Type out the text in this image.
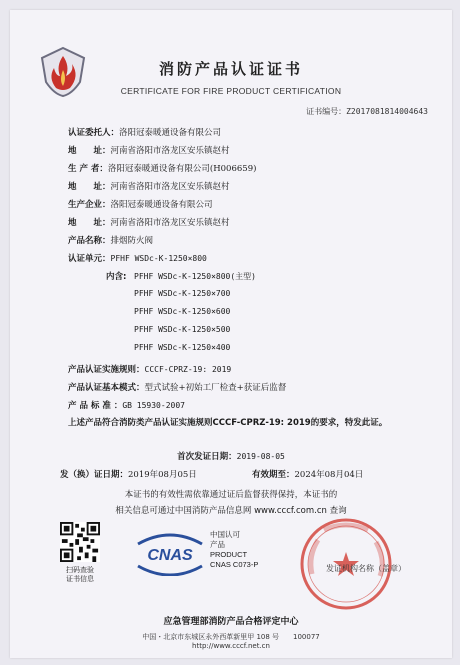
消防产品认证证书
CERTIFICATE FOR FIRE PRODUCT CERTIFICATION
证书编号：Z2017081814004643
认证委托人：洛阳冠泰暖通设备有限公司
地　　址：河南省洛阳市洛龙区安乐镇赵村
生 产 者：洛阳冠泰暖通设备有限公司(H006659)
地　　址：河南省洛阳市洛龙区安乐镇赵村
生产企业：洛阳冠泰暖通设备有限公司
地　　址：河南省洛阳市洛龙区安乐镇赵村
产品名称：排烟防火阀
认证单元：PFHF WSDc-K-1250×800
内含: PFHF WSDc-K-1250×800(主型)
PFHF WSDc-K-1250×700
PFHF WSDc-K-1250×600
PFHF WSDc-K-1250×500
PFHF WSDc-K-1250×400
产品认证实施规则：CCCF-CPRZ-19: 2019
产品认证基本模式：型式试验+初始工厂检查+获证后监督
产 品 标 准 ：GB 15930-2007
上述产品符合消防类产品认证实施规则CCCF-CPRZ-19: 2019的要求，特发此证。
首次发证日期：2019-08-05
发（换）证日期：2019年08月05日	有效期至：2024年08月04日
本证书的有效性需依靠通过证后监督获得保持，本证书的
相关信息可通过中国消防产品信息网 www.cccf.com.cn 查询
扫码查验
证书信息
CNAS
中国认可
产品
PRODUCT
CNAS C073-P	发证机构名称（盖章）
应急管理部消防产品合格评定中心
中国・北京市东城区永外西革新里甲 108 号　　100077
http://www.cccf.net.cn
